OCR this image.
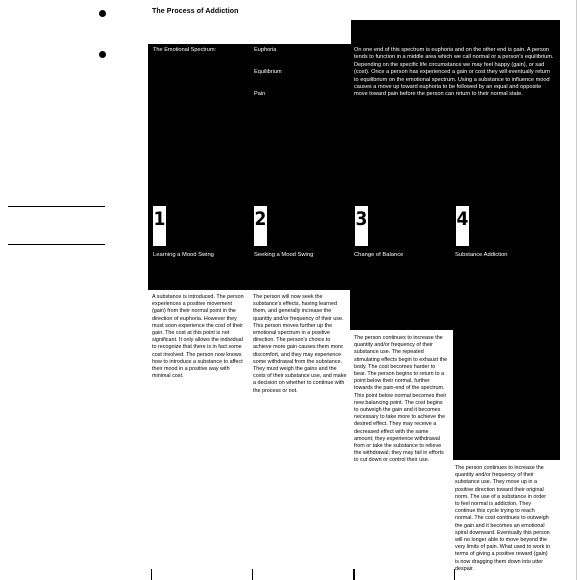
The Process of Addiction
The Emotional Spectrum:	Euphoria
Equilibrium
Pain
On one end of this spectrum is euphoria and on the other end is pain. A person tends to function in a middle area which we call normal or a person's equilibrium. Depending on the specific life circumstance we may feel happy (gain), or sad (cost). Once a person has experienced a gain or cost they will eventually return to equilibrium on the emotional spectrum. Using a substance to influence mood causes a move up toward euphoria to be followed by an equal and opposite move toward pain before the person can return to their normal state.
1	2	3	4
Learning a Mood Swing	Seeking a Mood Swing	Change of Balance	Substance Addiction
A substance is introduced. The person experiences a positive movement (gain) from their normal point in the direction of euphoria. However they must soon experience the cost of their gain. The cost at this point is not significant. It only allows the individual to recognize that there is in fact some cost involved. The person now knows how to introduce a substance to affect their mood in a positive way with minimal cost.
The person will now seek the substance's effects, having learned them, and generally increase the quantity and/or frequency of their use. This person moves further up the emotional spectrum in a positive direction. The person's choice to achieve more gain causes them more discomfort, and they may experience some withdrawal from the substance. They must weigh the gains and the costs of their substance use, and make a decision on whether to continue with the process or not.
The person continues to increase the quantity and/or frequency of their substance use. The repeated stimulating effects begin to exhaust the body. The cost becomes harder to bear. The person begins to return to a point below their normal, further towards the pain-end of the spectrum. This point below normal becomes their new balancing point. The cost begins to outweigh the gain and it becomes necessary to take more to achieve the desired effect. They may receive a decreased effect with the same amount; they experience withdrawal from or take the substance to relieve the withdrawal; they may fail in efforts to cut down or control their use.
The person continues to increase the quantity and/or frequency of their substance use. They move up in a positive direction toward their original norm. The use of a substance in order to feel normal is addiction. They continue this cycle trying to reach normal. The cost continues to outweigh the gain and it becomes an emotional spiral downward. Eventually this person will no longer able to move beyond the very limits of pain. What used to work in terms of giving a positive reward (gain) is now dragging them down into utter despair.
